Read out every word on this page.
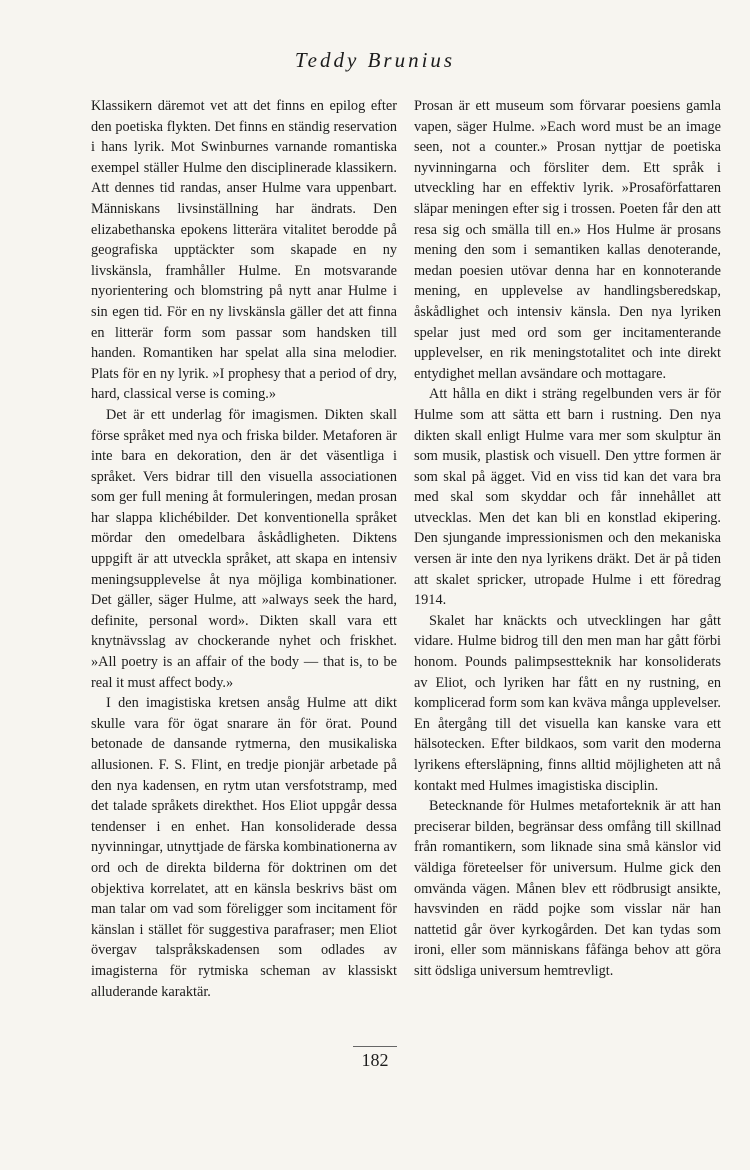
Teddy Brunius

Klassikern däremot vet att det finns en epilog efter den poetiska flykten. Det finns en ständig reservation i hans lyrik. Mot Swinburnes varnande romantiska exempel ställer Hulme den disciplinerade klassikern. Att dennes tid randas, anser Hulme vara uppenbart. Människans livsinställning har ändrats. Den elizabethanska epokens litterära vitalitet berodde på geografiska upptäckter som skapade en ny livskänsla, framhåller Hulme. En motsvarande nyorientering och blomstring på nytt anar Hulme i sin egen tid. För en ny livskänsla gäller det att finna en litterär form som passar som handsken till handen. Romantiken har spelat alla sina melodier. Plats för en ny lyrik. »I prophesy that a period of dry, hard, classical verse is coming.»

Det är ett underlag för imagismen. Dikten skall förse språket med nya och friska bilder. Metaforen är inte bara en dekoration, den är det väsentliga i språket. Vers bidrar till den visuella associationen som ger full mening åt formuleringen, medan prosan har slappa klichébilder. Det konventionella språket mördar den omedelbara åskådligheten. Diktens uppgift är att utveckla språket, att skapa en intensiv meningsupplevelse åt nya möjliga kombinationer. Det gäller, säger Hulme, att »always seek the hard, definite, personal word». Dikten skall vara ett knytnävsslag av chockerande nyhet och friskhet. »All poetry is an affair of the body — that is, to be real it must affect body.»

I den imagistiska kretsen ansåg Hulme att dikt skulle vara för ögat snarare än för örat. Pound betonade de dansande rytmerna, den musikaliska allusionen. F. S. Flint, en tredje pionjär arbetade på den nya kadensen, en rytm utan versfotstramp, med det talade språkets direkthet. Hos Eliot uppgår dessa tendenser i en enhet. Han konsoliderade dessa nyvinningar, utnyttjade de färska kombinationerna av ord och de direkta bilderna för doktrinen om det objektiva korrelatet, att en känsla beskrivs bäst om man talar om vad som föreligger som incitament för känslan i stället för suggestiva parafraser; men Eliot övergav talspråkskadensen som odlades av imagisterna för rytmiska scheman av klassiskt alluderande karaktär.

Prosan är ett museum som förvarar poesiens gamla vapen, säger Hulme. »Each word must be an image seen, not a counter.» Prosan nyttjar de poetiska nyvinningarna och försliter dem. Ett språk i utveckling har en effektiv lyrik. »Prosaförfattaren släpar meningen efter sig i trossen. Poeten får den att resa sig och smälla till en.» Hos Hulme är prosans mening den som i semantiken kallas denoterande, medan poesien utövar denna har en konnoterande mening, en upplevelse av handlingsberedskap, åskådlighet och intensiv känsla. Den nya lyriken spelar just med ord som ger incitamenterande upplevelser, en rik meningstotalitet och inte direkt entydighet mellan avsändare och mottagare.

Att hålla en dikt i sträng regelbunden vers är för Hulme som att sätta ett barn i rustning. Den nya dikten skall enligt Hulme vara mer som skulptur än som musik, plastisk och visuell. Den yttre formen är som skal på ägget. Vid en viss tid kan det vara bra med skal som skyddar och får innehållet att utvecklas. Men det kan bli en konstlad ekipering. Den sjungande impressionismen och den mekaniska versen är inte den nya lyrikens dräkt. Det är på tiden att skalet spricker, utropade Hulme i ett föredrag 1914.

Skalet har knäckts och utvecklingen har gått vidare. Hulme bidrog till den men man har gått förbi honom. Pounds palimpsestteknik har konsoliderats av Eliot, och lyriken har fått en ny rustning, en komplicerad form som kan kväva många upplevelser. En återgång till det visuella kan kanske vara ett hälsotecken. Efter bildkaos, som varit den moderna lyrikens eftersläpning, finns alltid möjligheten att nå kontakt med Hulmes imagistiska disciplin.

Betecknande för Hulmes metaforteknik är att han preciserar bilden, begränsar dess omfång till skillnad från romantikern, som liknade sina små känslor vid väldiga företeelser för universum. Hulme gick den omvända vägen. Månen blev ett rödbrusigt ansikte, havsvinden en rädd pojke som visslar när han nattetid går över kyrkogården. Det kan tydas som ironi, eller som människans fåfänga behov att göra sitt ödsliga universum hemtrevligt.

182
